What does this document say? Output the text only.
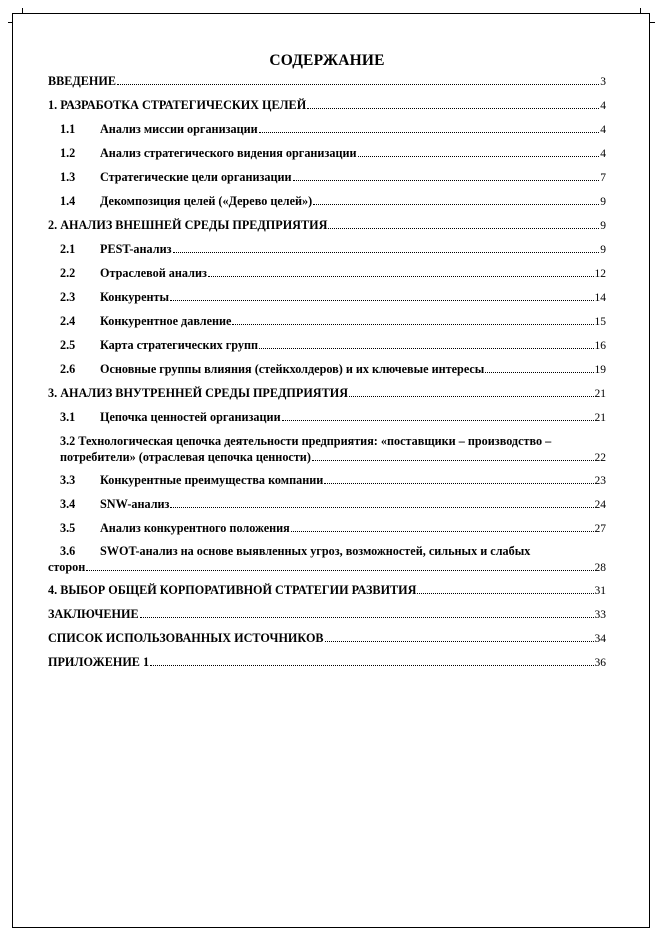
СОДЕРЖАНИЕ
ВВЕДЕНИЕ	3
1. РАЗРАБОТКА СТРАТЕГИЧЕСКИХ ЦЕЛЕЙ	4
1.1 Анализ миссии организации	4
1.2 Анализ стратегического видения организации	4
1.3 Стратегические цели организации	7
1.4 Декомпозиция целей («Дерево целей»)	9
2. АНАЛИЗ ВНЕШНЕЙ СРЕДЫ ПРЕДПРИЯТИЯ	9
2.1 PEST-анализ	9
2.2 Отраслевой анализ	12
2.3 Конкуренты	14
2.4 Конкурентное давление	15
2.5 Карта стратегических групп	16
2.6 Основные группы влияния (стейкхолдеров) и их ключевые интересы	19
3. АНАЛИЗ ВНУТРЕННЕЙ СРЕДЫ ПРЕДПРИЯТИЯ	21
3.1 Цепочка ценностей организации	21
3.2 Технологическая цепочка деятельности предприятия: «поставщики – производство –
потребители» (отраслевая цепочка ценности)	22
3.3 Конкурентные преимущества компании	23
3.4 SNW-анализ	24
3.5 Анализ конкурентного положения	27
3.6	SWOT-анализ на основе выявленных угроз, возможностей, сильных и слабых
сторон	28
4. ВЫБОР ОБЩЕЙ КОРПОРАТИВНОЙ СТРАТЕГИИ РАЗВИТИЯ	31
ЗАКЛЮЧЕНИЕ	33
СПИСОК ИСПОЛЬЗОВАННЫХ ИСТОЧНИКОВ	34
ПРИЛОЖЕНИЕ 1	36
